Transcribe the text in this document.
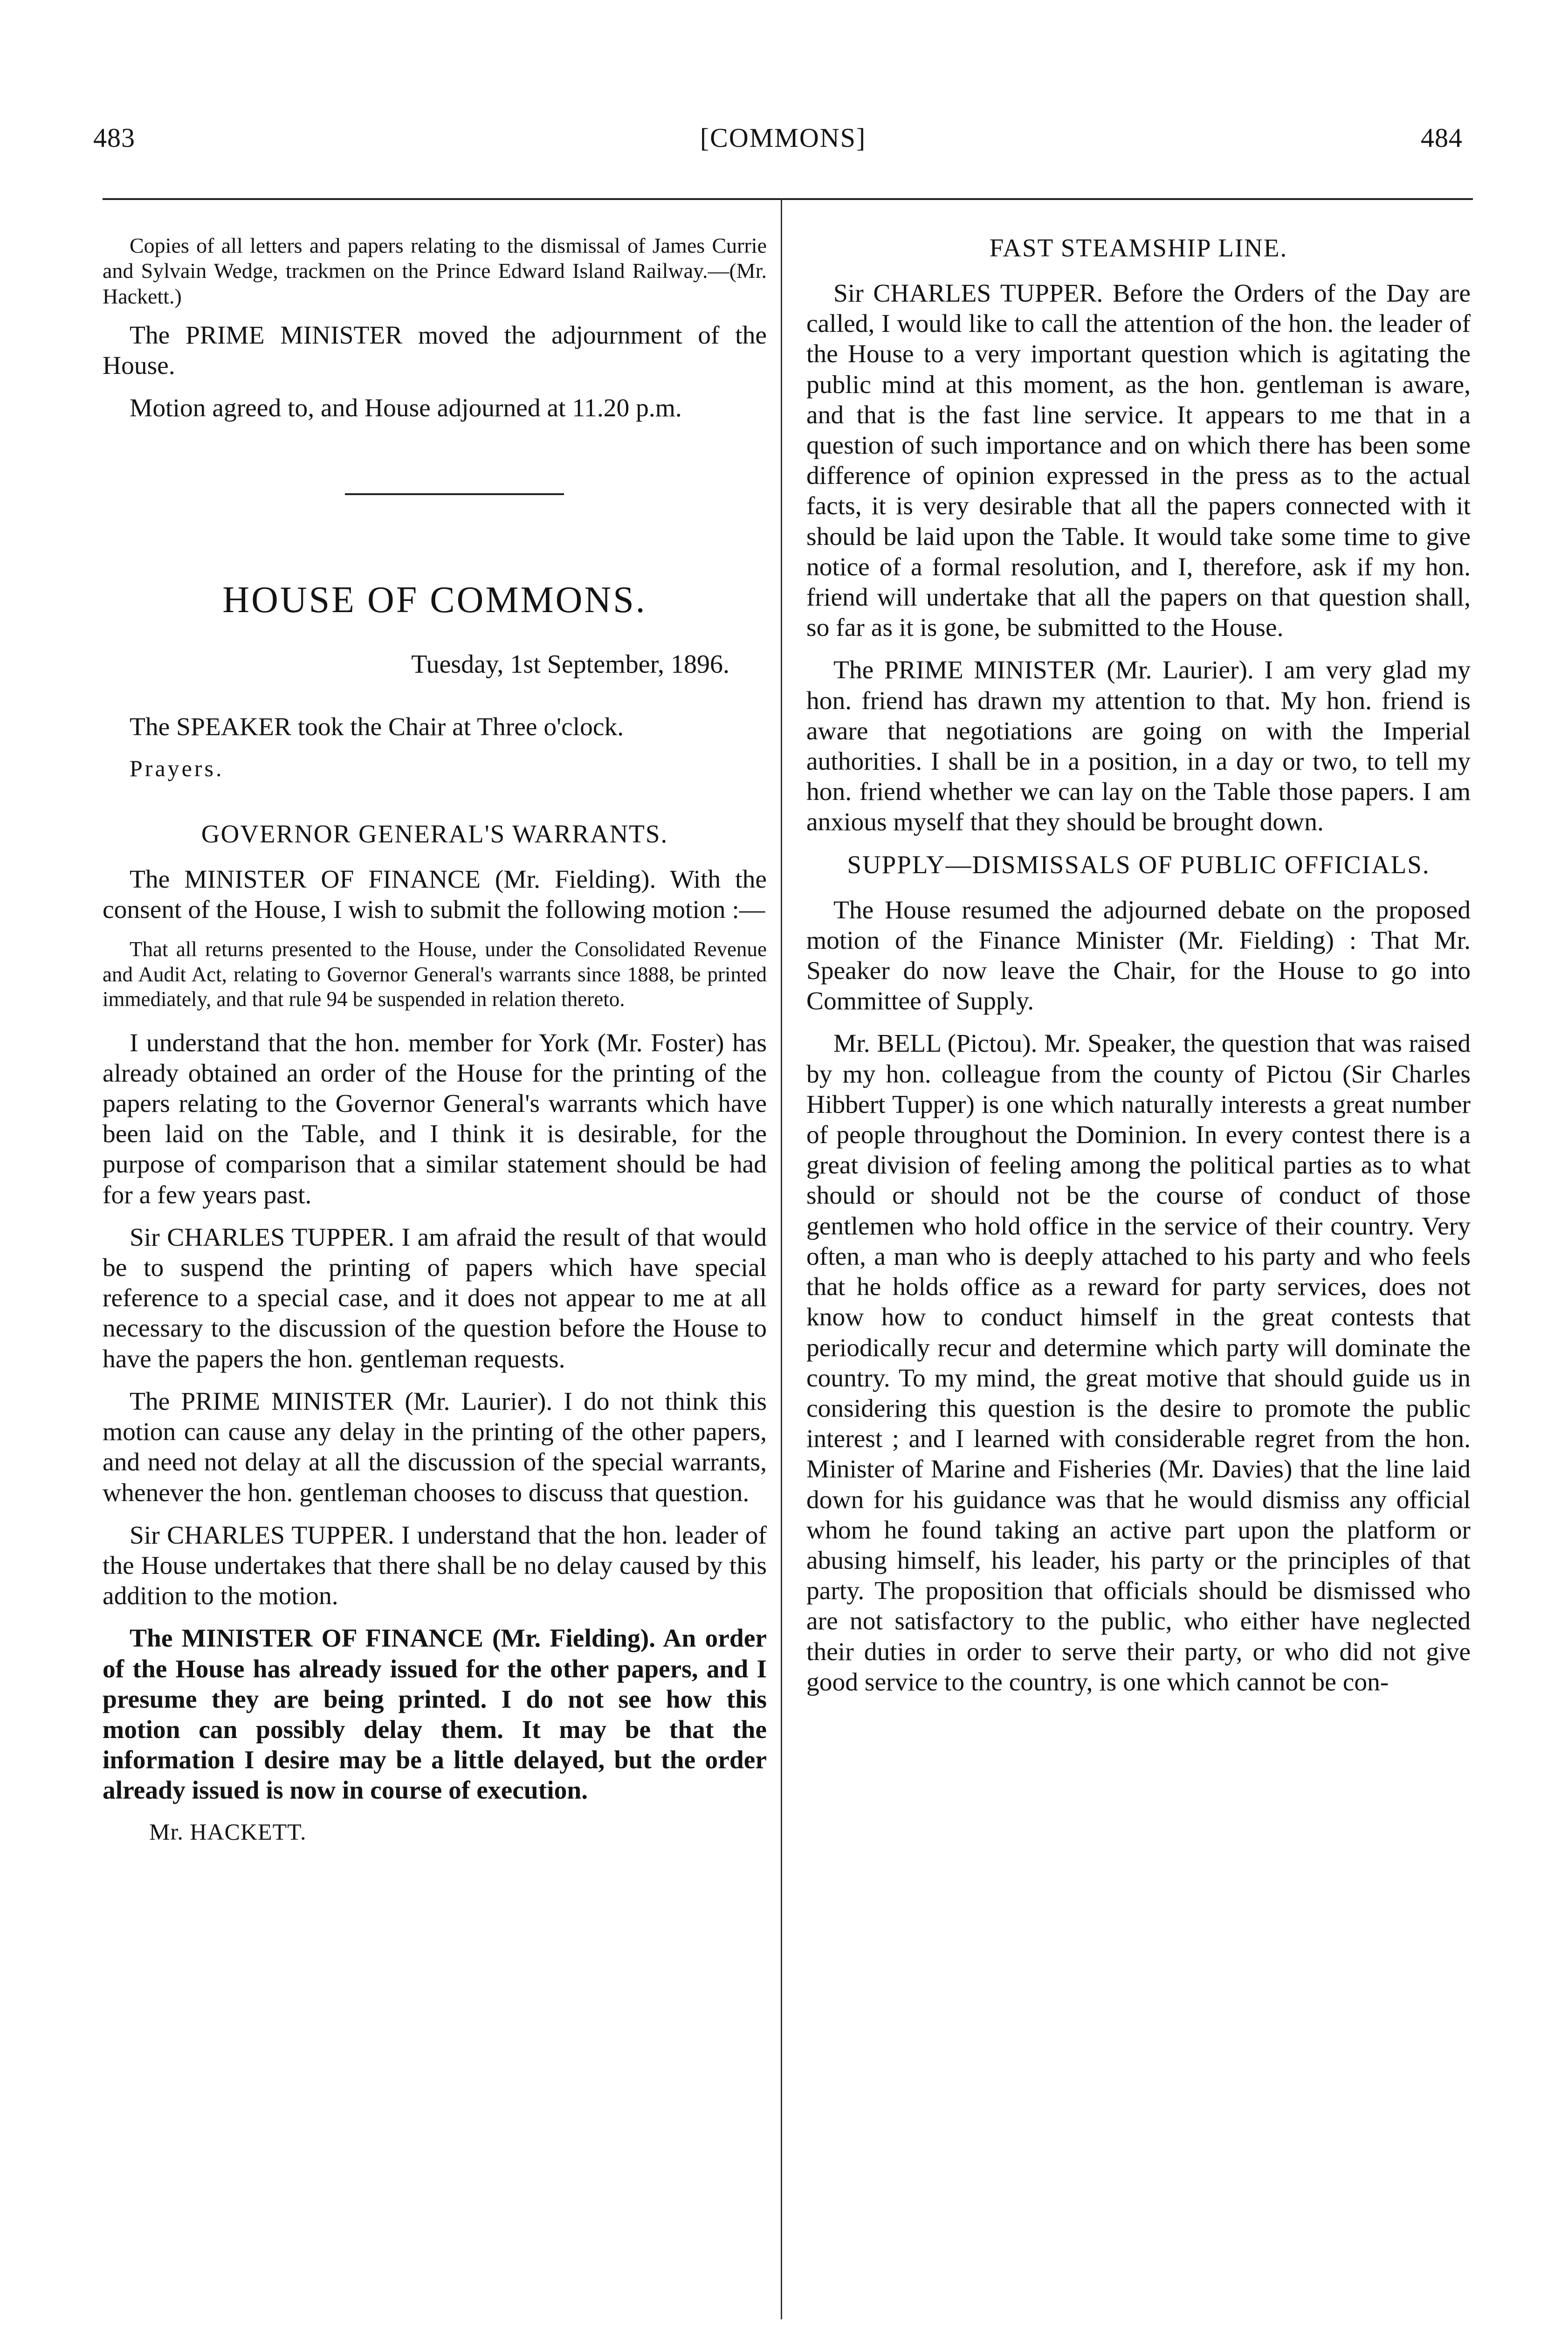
483	[COMMONS]	484

Copies of all letters and papers relating to the dismissal of James Currie and Sylvain Wedge, trackmen on the Prince Edward Island Railway.—(Mr. Hackett.)

The PRIME MINISTER moved the adjournment of the House.

Motion agreed to, and House adjourned at 11.20 p.m.

HOUSE OF COMMONS.
Tuesday, 1st September, 1896.

The SPEAKER took the Chair at Three o'clock.

Prayers.

GOVERNOR GENERAL'S WARRANTS.

The MINISTER OF FINANCE (Mr. Fielding). With the consent of the House, I wish to submit the following motion :—

That all returns presented to the House, under the Consolidated Revenue and Audit Act, relating to Governor General's warrants since 1888, be printed immediately, and that rule 94 be suspended in relation thereto.

I understand that the hon. member for York (Mr. Foster) has already obtained an order of the House for the printing of the papers relating to the Governor General's warrants which have been laid on the Table, and I think it is desirable, for the purpose of comparison that a similar statement should be had for a few years past.

Sir CHARLES TUPPER. I am afraid the result of that would be to suspend the printing of papers which have special reference to a special case, and it does not appear to me at all necessary to the discussion of the question before the House to have the papers the hon. gentleman requests.

The PRIME MINISTER (Mr. Laurier). I do not think this motion can cause any delay in the printing of the other papers, and need not delay at all the discussion of the special warrants, whenever the hon. gentleman chooses to discuss that question.

Sir CHARLES TUPPER. I understand that the hon. leader of the House undertakes that there shall be no delay caused by this addition to the motion.

The MINISTER OF FINANCE (Mr. Fielding). An order of the House has already issued for the other papers, and I presume they are being printed. I do not see how this motion can possibly delay them. It may be that the information I desire may be a little delayed, but the order already issued is now in course of execution.

Mr. HACKETT.

FAST STEAMSHIP LINE.

Sir CHARLES TUPPER. Before the Orders of the Day are called, I would like to call the attention of the hon. the leader of the House to a very important question which is agitating the public mind at this moment, as the hon. gentleman is aware, and that is the fast line service. It appears to me that in a question of such importance and on which there has been some difference of opinion expressed in the press as to the actual facts, it is very desirable that all the papers connected with it should be laid upon the Table. It would take some time to give notice of a formal resolution, and I, therefore, ask if my hon. friend will undertake that all the papers on that question shall, so far as it is gone, be submitted to the House.

The PRIME MINISTER (Mr. Laurier). I am very glad my hon. friend has drawn my attention to that. My hon. friend is aware that negotiations are going on with the Imperial authorities. I shall be in a position, in a day or two, to tell my hon. friend whether we can lay on the Table those papers. I am anxious myself that they should be brought down.

SUPPLY—DISMISSALS OF PUBLIC OFFICIALS.

The House resumed the adjourned debate on the proposed motion of the Finance Minister (Mr. Fielding) : That Mr. Speaker do now leave the Chair, for the House to go into Committee of Supply.

Mr. BELL (Pictou). Mr. Speaker, the question that was raised by my hon. colleague from the county of Pictou (Sir Charles Hibbert Tupper) is one which naturally interests a great number of people throughout the Dominion. In every contest there is a great division of feeling among the political parties as to what should or should not be the course of conduct of those gentlemen who hold office in the service of their country. Very often, a man who is deeply attached to his party and who feels that he holds office as a reward for party services, does not know how to conduct himself in the great contests that periodically recur and determine which party will dominate the country. To my mind, the great motive that should guide us in considering this question is the desire to promote the public interest ; and I learned with considerable regret from the hon. Minister of Marine and Fisheries (Mr. Davies) that the line laid down for his guidance was that he would dismiss any official whom he found taking an active part upon the platform or abusing himself, his leader, his party or the principles of that party. The proposition that officials should be dismissed who are not satisfactory to the public, who either have neglected their duties in order to serve their party, or who did not give good service to the country, is one which cannot be con-
